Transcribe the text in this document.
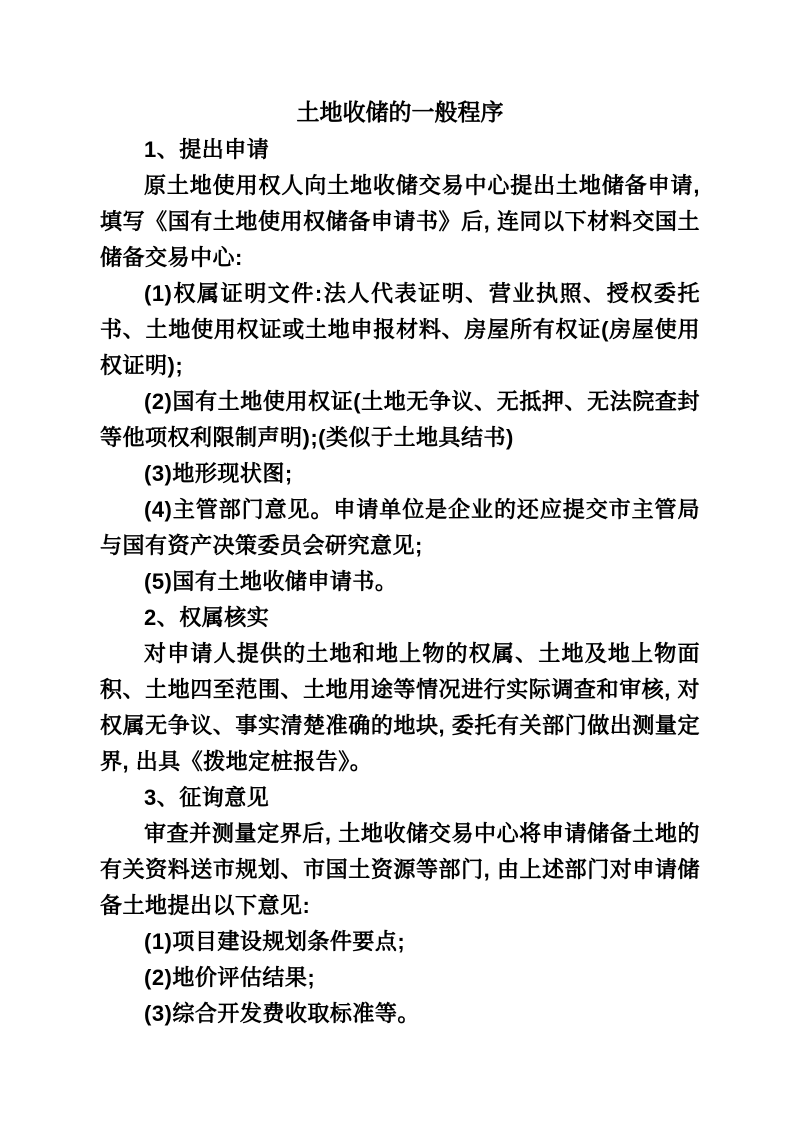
土地收储的一般程序

1、提出申请

原土地使用权人向土地收储交易中心提出土地储备申请, 填写《国有土地使用权储备申请书》后, 连同以下材料交国土储备交易中心:

(1)权属证明文件:法人代表证明、营业执照、授权委托书、土地使用权证或土地申报材料、房屋所有权证(房屋使用权证明);

(2)国有土地使用权证(土地无争议、无抵押、无法院查封等他项权利限制声明);(类似于土地具结书)

(3)地形现状图;

(4)主管部门意见。申请单位是企业的还应提交市主管局与国有资产决策委员会研究意见;

(5)国有土地收储申请书。

2、权属核实

对申请人提供的土地和地上物的权属、土地及地上物面积、土地四至范围、土地用途等情况进行实际调查和审核, 对权属无争议、事实清楚准确的地块, 委托有关部门做出测量定界, 出具《拨地定桩报告》。

3、征询意见

审查并测量定界后, 土地收储交易中心将申请储备土地的有关资料送市规划、市国土资源等部门, 由上述部门对申请储备土地提出以下意见:

(1)项目建设规划条件要点;

(2)地价评估结果;

(3)综合开发费收取标准等。
